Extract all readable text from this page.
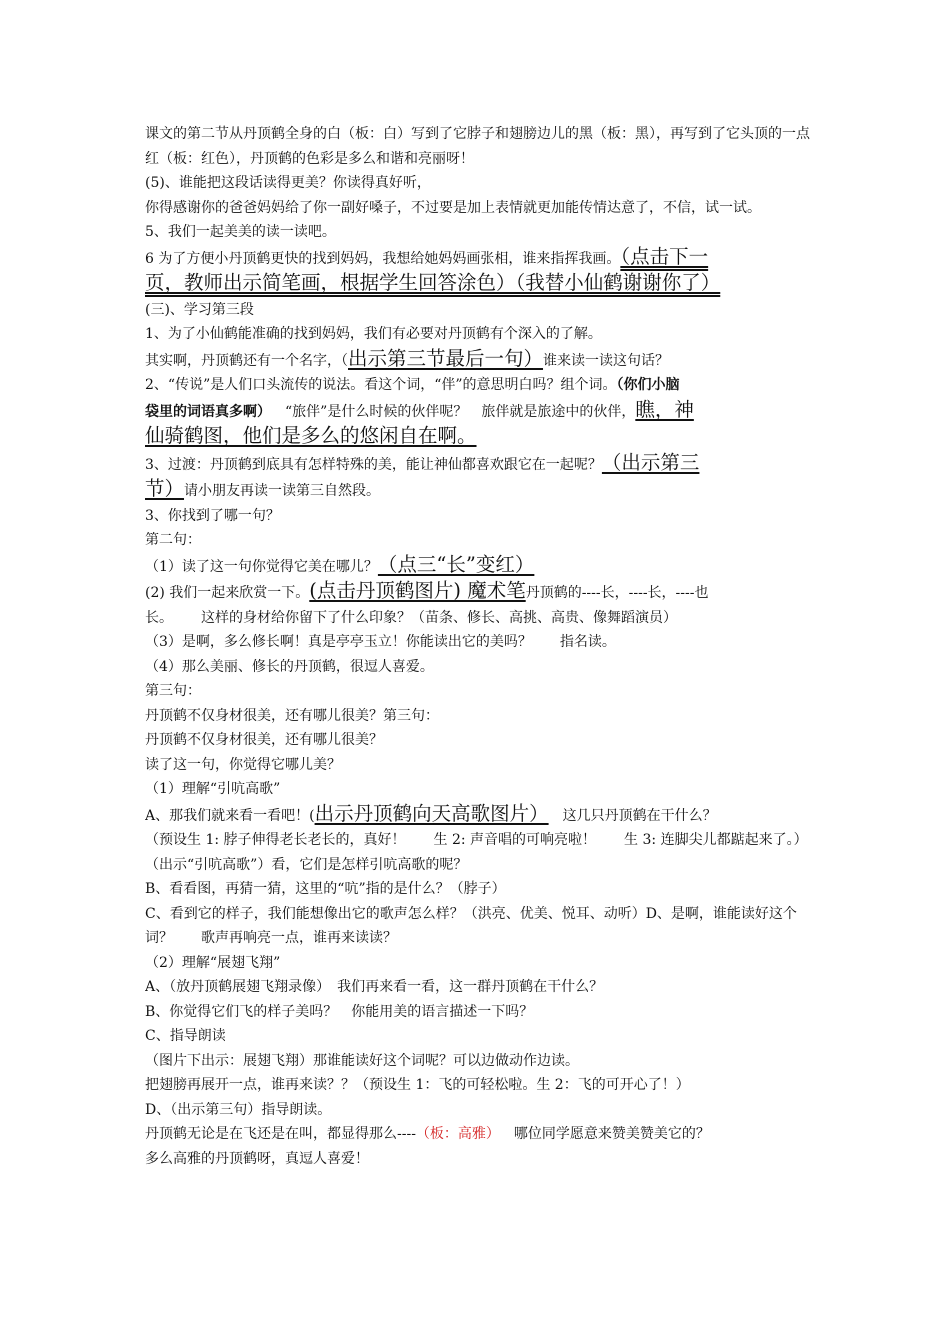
课文的第二节从丹顶鹤全身的白（板：白）写到了它脖子和翅膀边儿的黑（板：黑），再写到了它头顶的一点红（板：红色），丹顶鹤的色彩是多么和谐和亮丽呀！
(5)、谁能把这段话读得更美？你读得真好听，
你得感谢你的爸爸妈妈给了你一副好嗓子，不过要是加上表情就更加能传情达意了，不信，试一试。
5、我们一起美美的读一读吧。
6 为了方便小丹顶鹤更快的找到妈妈，我想给她妈妈画张相，谁来指挥我画。（点击下一
页，教师出示简笔画，根据学生回答涂色）（我替小仙鹤谢谢你了）
(三)、学习第三段
1、为了小仙鹤能准确的找到妈妈，我们有必要对丹顶鹤有个深入的了解。
其实啊，丹顶鹤还有一个名字，（出示第三节最后一句）谁来读一读这句话？
2、“传说”是人们口头流传的说法。看这个词，“伴”的意思明白吗？组个词。（你们小脑
袋里的词语真多啊） “旅伴”是什么时候的伙伴呢？ 旅伴就是旅途中的伙伴，瞧，神
仙骑鹤图，他们是多么的悠闲自在啊。
3、过渡：丹顶鹤到底具有怎样特殊的美，能让神仙都喜欢跟它在一起呢？（出示第三
节）请小朋友再读一读第三自然段。
3、你找到了哪一句？
第二句：
（1）读了这一句你觉得它美在哪儿？（点三“长”变红）
(2) 我们一起来欣赏一下。(点击丹顶鹤图片) 魔术笔丹顶鹤的----长，----长，----也
长。 这样的身材给你留下了什么印象？（苗条、修长、高挑、高贵、像舞蹈演员）
（3）是啊，多么修长啊！真是亭亭玉立！你能读出它的美吗？ 指名读。
（4）那么美丽、修长的丹顶鹤，很逗人喜爱。
第三句：
丹顶鹤不仅身材很美，还有哪儿很美？第三句：
丹顶鹤不仅身材很美，还有哪儿很美？
读了这一句，你觉得它哪儿美？
（1）理解“引吭高歌”
A、那我们就来看一看吧！(出示丹顶鹤向天高歌图片） 这几只丹顶鹤在干什么？
（预设生 1: 脖子伸得老长老长的，真好！　　生 2: 声音唱的可响亮啦！　　生 3: 连脚尖儿都踮起来了。）
（出示“引吭高歌”）看，它们是怎样引吭高歌的呢？
B、看看图，再猜一猜，这里的“吭”指的是什么？（脖子）
C、看到它的样子，我们能想像出它的歌声怎么样？（洪亮、优美、悦耳、动听）D、是啊，谁能读好这个词？　　歌声再响亮一点，谁再来读读？
（2）理解“展翅飞翔”
A、（放丹顶鹤展翅飞翔录像）　我们再来看一看，这一群丹顶鹤在干什么？
B、你觉得它们飞的样子美吗？　你能用美的语言描述一下吗？
C、指导朗读
（图片下出示：展翅飞翔）那谁能读好这个词呢？可以边做动作边读。
把翅膀再展开一点，谁再来读？？（预设生 1：飞的可轻松啦。生 2：飞的可开心了！）
D、（出示第三句）指导朗读。
丹顶鹤无论是在飞还是在叫，都显得那么----（板：高雅） 哪位同学愿意来赞美赞美它的？
多么高雅的丹顶鹤呀，真逗人喜爱！
